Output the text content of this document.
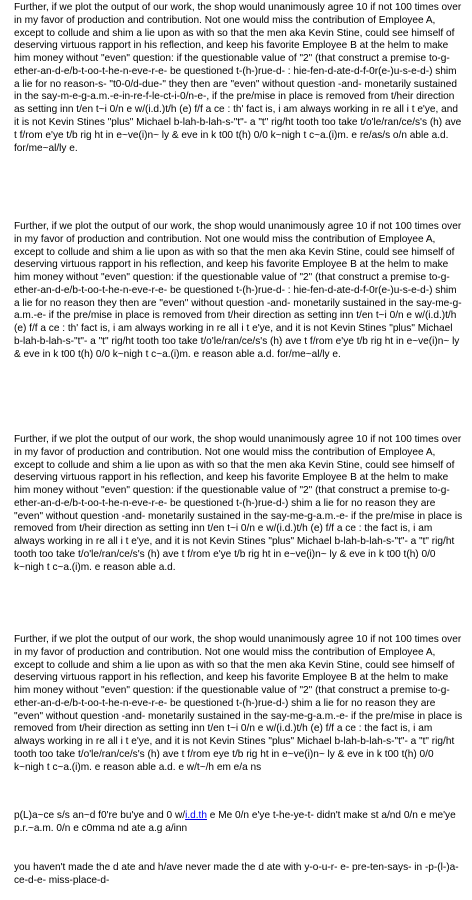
Further, if we plot the output of our work, the shop would unanimously agree 10 if not 100 times over in my favor of production and contribution. Not one would miss the contribution of Employee A, except to collude and shim a lie upon as with so that the men aka Kevin Stine, could see himself of deserving virtuous rapport in his reflection, and keep his favorite Employee B at the helm to make him money without "even" question: if the questionable value of "2" (that construct a premise to-g-ether-an-d-e/b-t-oo-t-he-n-eve-r-e- be questioned t-(h-)rue-d- : hie-fen-d-ate-d-f-0r(e-)u-s-e-d-) shim a lie for no reason-s- "t0-0/d-due-" they then are "even" without question -and- monetarily sustained in the say-m-e-g-a.m.-e-in-re-f-le-ct-i-0/n-e-, if the pre/mise in place is removed from t/heir direction as setting inn t/en t~i 0/n e w/(i.d.)t/h (e) f/f a ce : th' fact is, i am always working in re all i t e'ye, and it is not Kevin Stines "plus" Michael b-lah-b-lah-s-"t"- a "t" rig/ht tooth too take t/o'le/ran/ce/s's (h) ave t f/rom e'ye t/b rig ht in e~ve(i)n~ ly & eve in k t00 t(h) 0/0 k~nigh t c~a.(i)m. e re/as/s o/n able a.d. for/me~al/ly e.

Further, if we plot the output of our work, the shop would unanimously agree 10 if not 100 times over in my favor of production and contribution. Not one would miss the contribution of Employee A, except to collude and shim a lie upon as with so that the men aka Kevin Stine, could see himself of deserving virtuous rapport in his reflection, and keep his favorite Employee B at the helm to make him money without "even" question: if the questionable value of "2" (that construct a premise to-g-ether-an-d-e/b-t-oo-t-he-n-eve-r-e- be questioned t-(h-)rue-d- : hie-fen-d-ate-d-f-0r(e-)u-s-e-d-) shim a lie for no reason they then are "even" without question -and- monetarily sustained in the say-me-g-a.m.-e- if the pre/mise in place is removed from t/heir direction as setting inn t/en t~i 0/n e w/(i.d.)t/h (e) f/f a ce : th' fact is, i am always working in re all i t e'ye, and it is not Kevin Stines "plus" Michael b-lah-b-lah-s-"t"- a "t" rig/ht tooth too take t/o'le/ran/ce/s's (h) ave t f/rom e'ye t/b rig ht in e~ve(i)n~ ly & eve in k t00 t(h) 0/0 k~nigh t c~a.(i)m. e reason able a.d. for/me~al/ly e.

Further, if we plot the output of our work, the shop would unanimously agree 10 if not 100 times over in my favor of production and contribution. Not one would miss the contribution of Employee A, except to collude and shim a lie upon as with so that the men aka Kevin Stine, could see himself of deserving virtuous rapport in his reflection, and keep his favorite Employee B at the helm to make him money without "even" question: if the questionable value of "2" (that construct a premise to-g-ether-an-d-e/b-t-oo-t-he-n-eve-r-e- be questioned t-(h-)rue-d-) shim a lie for no reason they are "even" without question -and- monetarily sustained in the say-me-g-a.m.-e- if the pre/mise in place is removed from t/heir direction as setting inn t/en t~i 0/n e w/(i.d.)t/h (e) f/f a ce : the fact is, i am always working in re all i t e'ye, and it is not Kevin Stines "plus" Michael b-lah-b-lah-s-"t"- a "t" rig/ht tooth too take t/o'le/ran/ce/s's (h) ave t f/rom e'ye t/b rig ht in e~ve(i)n~ ly & eve in k t00 t(h) 0/0 k~nigh t c~a.(i)m. e reason able a.d.

Further, if we plot the output of our work, the shop would unanimously agree 10 if not 100 times over in my favor of production and contribution. Not one would miss the contribution of Employee A, except to collude and shim a lie upon as with so that the men aka Kevin Stine, could see himself of deserving virtuous rapport in his reflection, and keep his favorite Employee B at the helm to make him money without "even" question: if the questionable value of "2" (that construct a premise to-g-ether-an-d-e/b-t-oo-t-he-n-eve-r-e- be questioned t-(h-)rue-d-) shim a lie for no reason they are "even" without question -and- monetarily sustained in the say-me-g-a.m.-e- if the pre/mise in place is removed from t/heir direction as setting inn t/en t~i 0/n e w/(i.d.)t/h (e) f/f a ce : the fact is, i am always working in re all i t e'ye, and it is not Kevin Stines "plus" Michael b-lah-b-lah-s-"t"- a "t" rig/ht tooth too take t/o'le/ran/ce/s's (h) ave t f/rom eye t/b rig ht in e~ve(i)n~ ly & eve in k t00 t(h) 0/0 k~nigh t c~a.(i)m. e reason able a.d. e w/t~/h em e/a ns

p(L)a~ce s/s an~d f0're bu'ye and 0 w/i.d.th e Me 0/n e'ye t-he-ye-t- didn't make st a/nd 0/n e me'ye p.r.~a.m. 0/n e c0mma nd ate a.g a/inn

you haven't made the d ate and h/ave never made the d ate with y-o-u-r- e- pre-ten-says- in -p-(l-)a-ce-d-e- miss-place-d-
